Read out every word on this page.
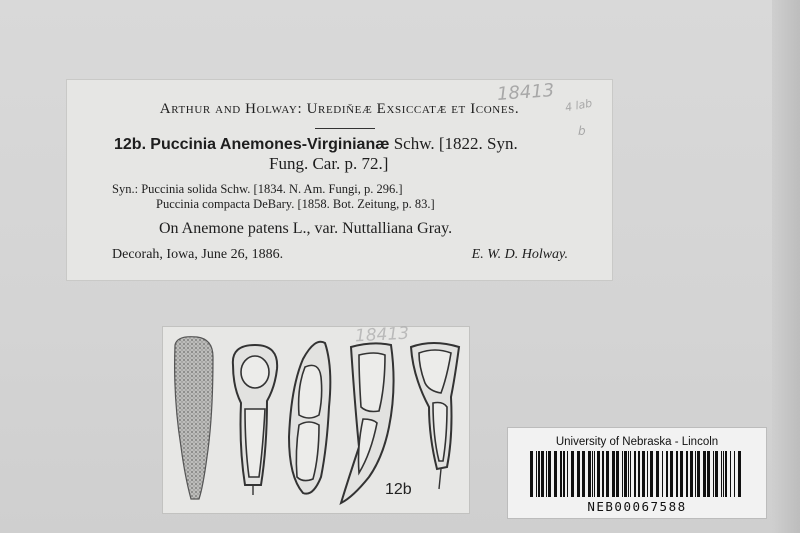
Arthur and Holway: Urediňeæ Exsiccatæ et Icones.
12b. Puccinia Anemones-Virginianæ Schw. [1822. Syn.
Fung. Car. p. 72.]
Syn.: Puccinia solida Schw. [1834. N. Am. Fungi, p. 296.]
Puccinia compacta DeBary. [1858. Bot. Zeitung, p. 83.]
On Anemone patens L., var. Nuttalliana Gray.
Decorah, Iowa, June 26, 1886.	E. W. D. Holway.
18413
4 lab
b
18413
12b
University of Nebraska - Lincoln
NEB00067588
